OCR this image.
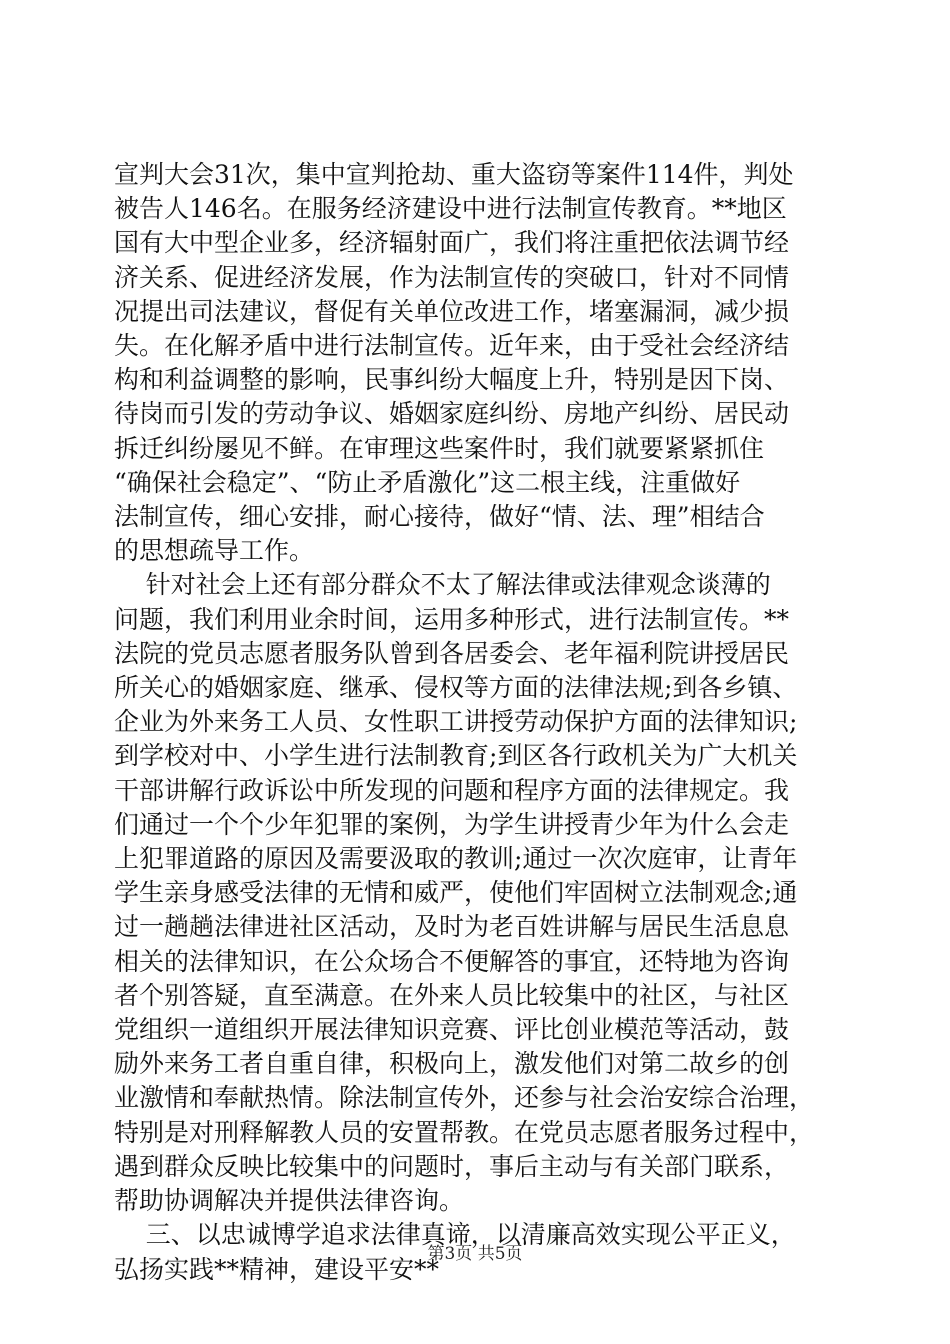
宣判大会31次，集中宣判抢劫、重大盗窃等案件114件，判处

被告人146名。在服务经济建设中进行法制宣传教育。**地区

国有大中型企业多，经济辐射面广，我们将注重把依法调节经

济关系、促进经济发展，作为法制宣传的突破口，针对不同情

况提出司法建议，督促有关单位改进工作，堵塞漏洞，减少损

失。在化解矛盾中进行法制宣传。近年来，由于受社会经济结

构和利益调整的影响，民事纠纷大幅度上升，特别是因下岗、

待岗而引发的劳动争议、婚姻家庭纠纷、房地产纠纷、居民动

拆迁纠纷屡见不鲜。在审理这些案件时，我们就要紧紧抓住

“确保社会稳定”、“防止矛盾激化”这二根主线，注重做好

法制宣传，细心安排，耐心接待，做好“情、法、理”相结合

的思想疏导工作。

针对社会上还有部分群众不太了解法律或法律观念谈薄的

问题，我们利用业余时间，运用多种形式，进行法制宣传。**

法院的党员志愿者服务队曾到各居委会、老年福利院讲授居民

所关心的婚姻家庭、继承、侵权等方面的法律法规;到各乡镇、

企业为外来务工人员、女性职工讲授劳动保护方面的法律知识;

到学校对中、小学生进行法制教育;到区各行政机关为广大机关

干部讲解行政诉讼中所发现的问题和程序方面的法律规定。我

们通过一个个少年犯罪的案例，为学生讲授青少年为什么会走

上犯罪道路的原因及需要汲取的教训;通过一次次庭审，让青年

学生亲身感受法律的无情和威严，使他们牢固树立法制观念;通

过一趟趟法律进社区活动，及时为老百姓讲解与居民生活息息

相关的法律知识，在公众场合不便解答的事宜，还特地为咨询

者个别答疑，直至满意。在外来人员比较集中的社区，与社区

党组织一道组织开展法律知识竞赛、评比创业模范等活动，鼓

励外来务工者自重自律，积极向上，激发他们对第二故乡的创

业激情和奉献热情。除法制宣传外，还参与社会治安综合治理，

特别是对刑释解教人员的安置帮教。在党员志愿者服务过程中，

遇到群众反映比较集中的问题时，事后主动与有关部门联系，

帮助协调解决并提供法律咨询。

三、以忠诚博学追求法律真谛，以清廉高效实现公平正义，

弘扬实践**精神，建设平安**

第3页 共5页
